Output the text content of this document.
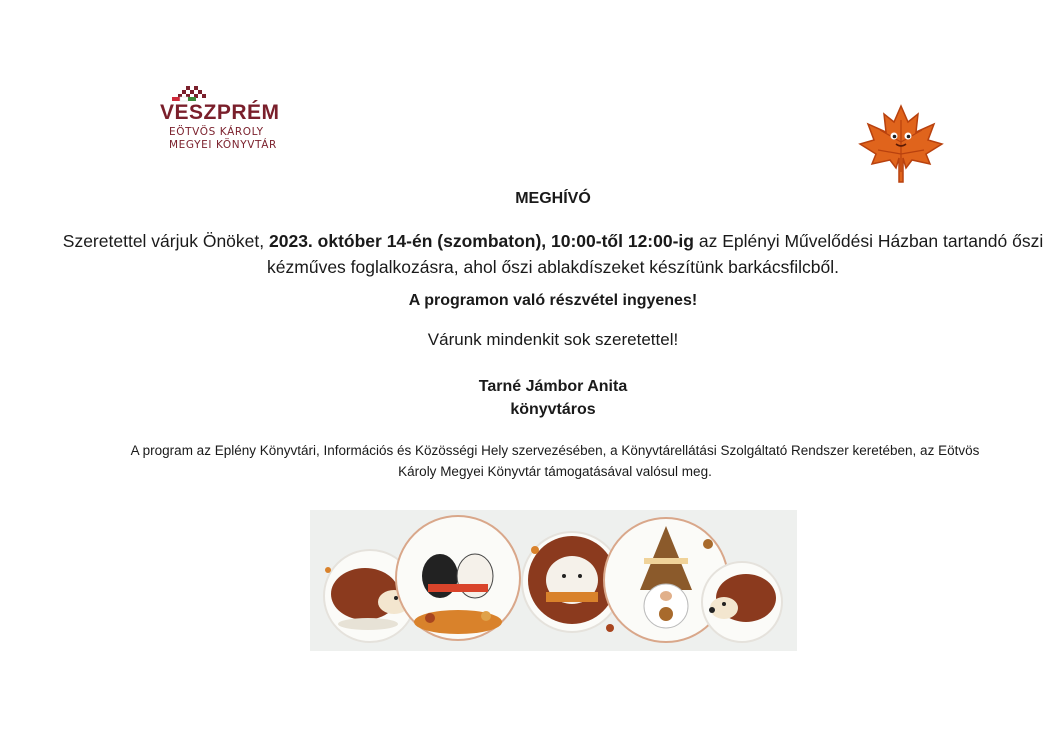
VESZPRÉM
EÖTVÖS KÁROLY
MEGYEI KÖNYVTÁR
MEGHÍVÓ
Szeretettel várjuk Önöket, 2023. október 14-én (szombaton), 10:00-től 12:00-ig az Eplényi Művelődési Házban tartandó őszi kézműves foglalkozásra, ahol őszi ablakdíszeket készítünk barkácsfilcből.
A programon való részvétel ingyenes!
Várunk mindenkit sok szeretettel!
Tarné Jámbor Anita
könyvtáros
A program az Eplény Könyvtári, Információs és Közösségi Hely szervezésében, a Könyvtárellátási Szolgáltató Rendszer keretében, az Eötvös Károly Megyei Könyvtár támogatásával valósul meg.
